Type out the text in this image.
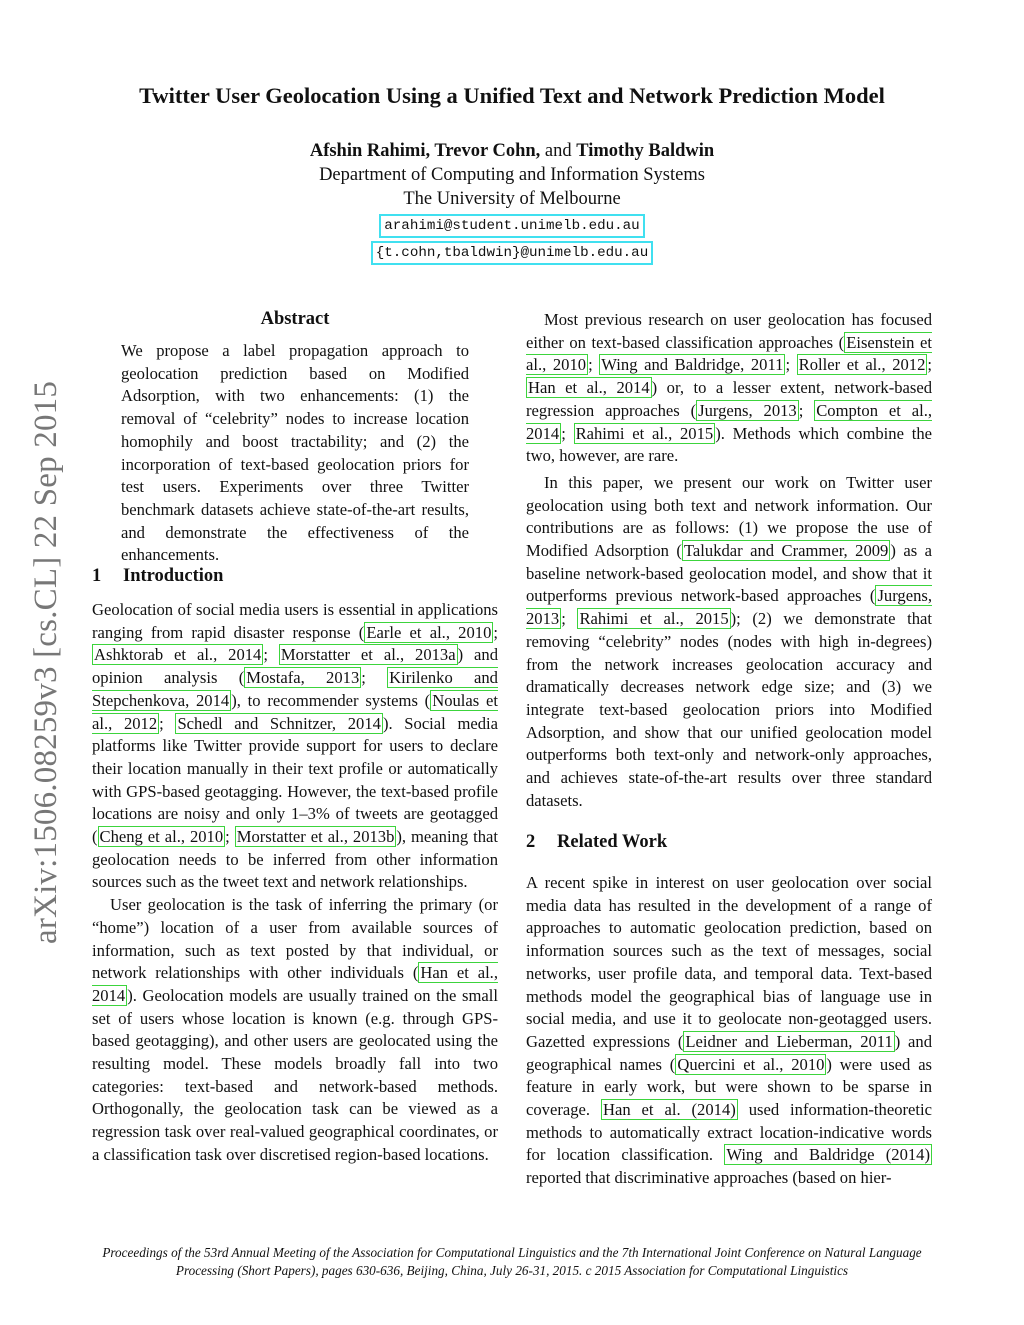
arXiv:1506.08259v3 [cs.CL] 22 Sep 2015
Twitter User Geolocation Using a Unified Text and Network Prediction Model
Afshin Rahimi, Trevor Cohn, and Timothy Baldwin
Department of Computing and Information Systems
The University of Melbourne
arahimi@student.unimelb.edu.au
{t.cohn,tbaldwin}@unimelb.edu.au
Abstract
We propose a label propagation approach to geolocation prediction based on Modified Adsorption, with two enhancements: (1) the removal of “celebrity” nodes to increase location homophily and boost tractability; and (2) the incorporation of text-based geolocation priors for test users. Experiments over three Twitter benchmark datasets achieve state-of-the-art results, and demonstrate the effectiveness of the enhancements.
1 Introduction

Geolocation of social media users is essential in applications ranging from rapid disaster response ( Earle et al., 2010 ; Ashktorab et al., 2014 ; Morstatter et al., 2013a ) and opinion analysis ( Mostafa, 2013 ; Kirilenko and Stepchenkova, 2014 ), to recommender systems ( Noulas et al., 2012 ; Schedl and Schnitzer, 2014 ). Social media platforms like Twitter provide support for users to declare their location manually in their text profile or automatically with GPS-based geotagging. However, the text-based profile locations are noisy and only 1–3% of tweets are geotagged ( Cheng et al., 2010 ; Morstatter et al., 2013b ), meaning that geolocation needs to be inferred from other information sources such as the tweet text and network relationships.

User geolocation is the task of inferring the primary (or “home”) location of a user from available sources of information, such as text posted by that individual, or network relationships with other individuals ( Han et al., 2014 ). Geolocation models are usually trained on the small set of users whose location is known (e.g. through GPS-based geotagging), and other users are geolocated using the resulting model. These models broadly fall into two categories: text-based and network-based methods. Orthogonally, the geolocation task can be viewed as a regression task over real-valued geographical coordinates, or a classification task over discretised region-based locations.

Most previous research on user geolocation has focused either on text-based classification approaches ( Eisenstein et al., 2010 ; Wing and Baldridge, 2011 ; Roller et al., 2012 ; Han et al., 2014 ) or, to a lesser extent, network-based regression approaches ( Jurgens, 2013 ; Compton et al., 2014 ; Rahimi et al., 2015 ). Methods which combine the two, however, are rare.

In this paper, we present our work on Twitter user geolocation using both text and network information. Our contributions are as follows: (1) we propose the use of Modified Adsorption ( Talukdar and Crammer, 2009 ) as a baseline network-based geolocation model, and show that it outperforms previous network-based approaches ( Jurgens, 2013 ; Rahimi et al., 2015 ); (2) we demonstrate that removing “celebrity” nodes (nodes with high in-degrees) from the network increases geolocation accuracy and dramatically decreases network edge size; and (3) we integrate text-based geolocation priors into Modified Adsorption, and show that our unified geolocation model outperforms both text-only and network-only approaches, and achieves state-of-the-art results over three standard datasets.

2 Related Work

A recent spike in interest on user geolocation over social media data has resulted in the development of a range of approaches to automatic geolocation prediction, based on information sources such as the text of messages, social networks, user profile data, and temporal data. Text-based methods model the geographical bias of language use in social media, and use it to geolocate non-geotagged users. Gazetted expressions ( Leidner and Lieberman, 2011 ) and geographical names ( Quercini et al., 2010 ) were used as feature in early work, but were shown to be sparse in coverage. Han et al. (2014) used information-theoretic methods to automatically extract location-indicative words for location classification. Wing and Baldridge (2014) reported that discriminative approaches (based on hier-

Proceedings of the 53rd Annual Meeting of the Association for Computational Linguistics and the 7th International Joint Conference on Natural Language Processing (Short Papers), pages 630-636, Beijing, China, July 26-31, 2015. c 2015 Association for Computational Linguistics
